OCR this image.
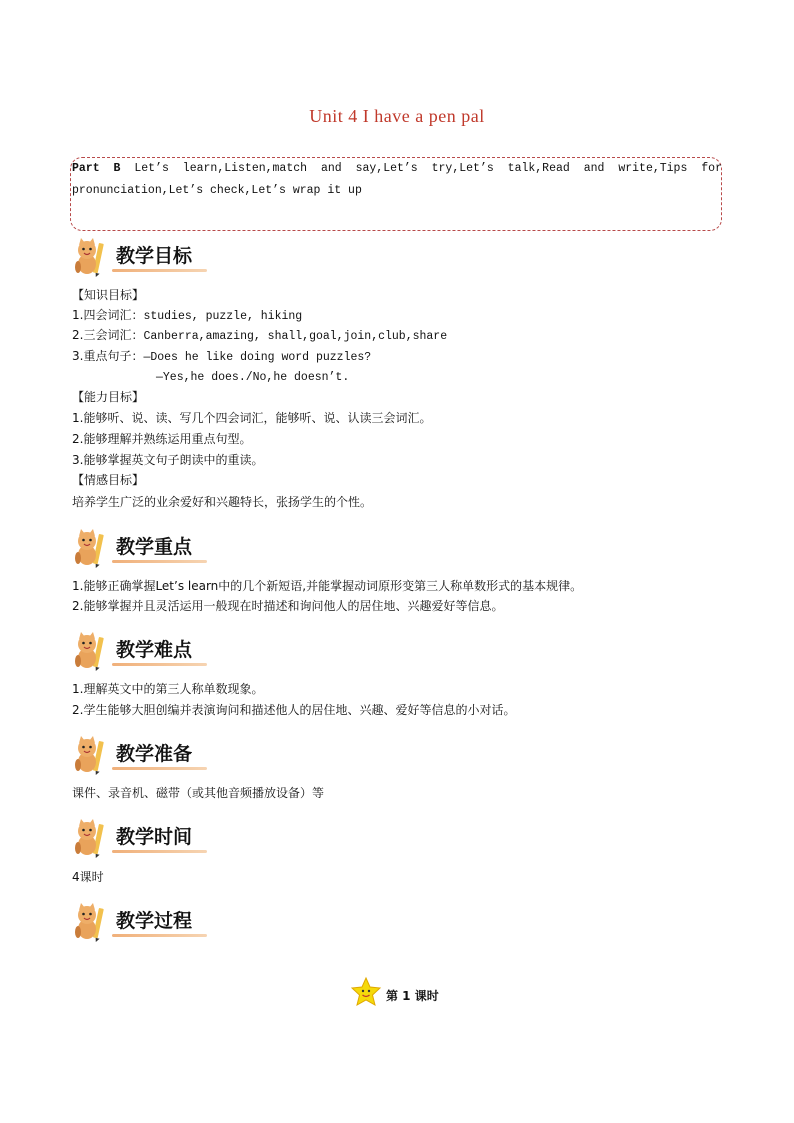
Unit 4 I have a pen pal
Part B Let’s learn,Listen,match and say,Let’s try,Let’s talk,Read and write,Tips for
pronunciation,Let’s check,Let’s wrap it up
教学目标
【知识目标】
1.四会词汇：studies, puzzle, hiking
2.三会词汇：Canberra,amazing, shall,goal,join,club,share
3.重点句子：—Does he like doing word puzzles?
—Yes,he does./No,he doesn’t.
【能力目标】
1.能够听、说、读、写几个四会词汇，能够听、说、认读三会词汇。
2.能够理解并熟练运用重点句型。
3.能够掌握英文句子朗读中的重读。
【情感目标】
培养学生广泛的业余爱好和兴趣特长，张扬学生的个性。
教学重点
1.能够正确掌握Let’s learn中的几个新短语,并能掌握动词原形变第三人称单数形式的基本规律。
2.能够掌握并且灵活运用一般现在时描述和询问他人的居住地、兴趣爱好等信息。
教学难点
1.理解英文中的第三人称单数现象。
2.学生能够大胆创编并表演询问和描述他人的居住地、兴趣、爱好等信息的小对话。
教学准备
课件、录音机、磁带（或其他音频播放设备）等
教学时间
4课时
教学过程
第 1 课时
